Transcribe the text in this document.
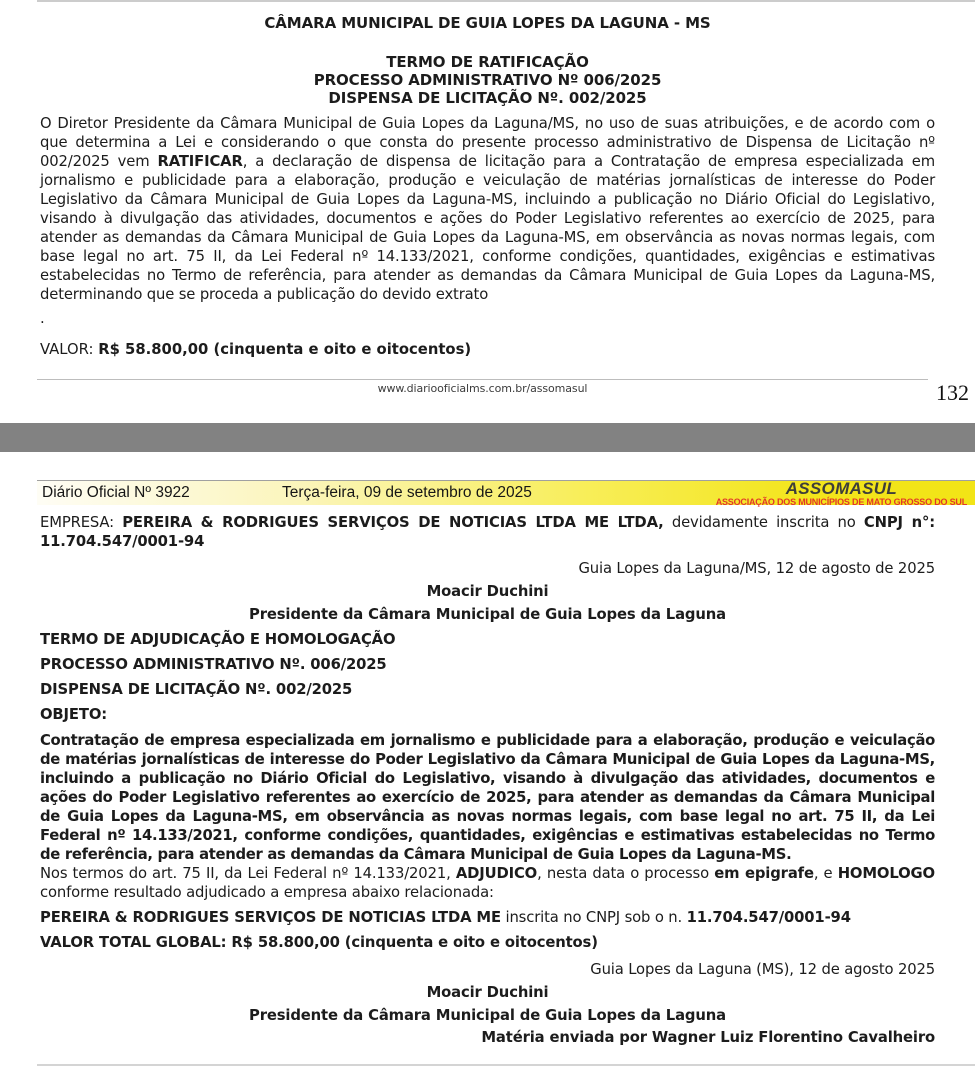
CÂMARA MUNICIPAL DE GUIA LOPES DA LAGUNA - MS
TERMO DE RATIFICAÇÃO
PROCESSO ADMINISTRATIVO Nº 006/2025
DISPENSA DE LICITAÇÃO Nº. 002/2025

O Diretor Presidente da Câmara Municipal de Guia Lopes da Laguna/MS, no uso de suas atribuições, e de acordo com o que determina a Lei e considerando o que consta do presente processo administrativo de Dispensa de Licitação nº 002/2025 vem RATIFICAR, a declaração de dispensa de licitação para a Contratação de empresa especializada em jornalismo e publicidade para a elaboração, produção e veiculação de matérias jornalísticas de interesse do Poder Legislativo da Câmara Municipal de Guia Lopes da Laguna-MS, incluindo a publicação no Diário Oficial do Legislativo, visando à divulgação das atividades, documentos e ações do Poder Legislativo referentes ao exercício de 2025, para atender as demandas da Câmara Municipal de Guia Lopes da Laguna-MS, em observância as novas normas legais, com base legal no art. 75 II, da Lei Federal nº 14.133/2021, conforme condições, quantidades, exigências e estimativas estabelecidas no Termo de referência, para atender as demandas da Câmara Municipal de Guia Lopes da Laguna-MS, determinando que se proceda a publicação do devido extrato

.

VALOR: R$ 58.800,00 (cinquenta e oito e oitocentos)

www.diariooficialms.com.br/assomasul	132
Diário Oficial Nº 3922	Terça-feira, 09 de setembro de 2025	ASSOMASUL
ASSOCIAÇÃO DOS MUNICÍPIOS DE MATO GROSSO DO SUL

EMPRESA: PEREIRA & RODRIGUES SERVIÇOS DE NOTICIAS LTDA ME LTDA, devidamente inscrita no CNPJ n°: 11.704.547/0001-94

Guia Lopes da Laguna/MS, 12 de agosto de 2025

Moacir Duchini

Presidente da Câmara Municipal de Guia Lopes da Laguna

TERMO DE ADJUDICAÇÃO E HOMOLOGAÇÃO

PROCESSO ADMINISTRATIVO Nº. 006/2025

DISPENSA DE LICITAÇÃO Nº. 002/2025

OBJETO:

Contratação de empresa especializada em jornalismo e publicidade para a elaboração, produção e veiculação de matérias jornalísticas de interesse do Poder Legislativo da Câmara Municipal de Guia Lopes da Laguna-MS, incluindo a publicação no Diário Oficial do Legislativo, visando à divulgação das atividades, documentos e ações do Poder Legislativo referentes ao exercício de 2025, para atender as demandas da Câmara Municipal de Guia Lopes da Laguna-MS, em observância as novas normas legais, com base legal no art. 75 II, da Lei Federal nº 14.133/2021, conforme condições, quantidades, exigências e estimativas estabelecidas no Termo de referência, para atender as demandas da Câmara Municipal de Guia Lopes da Laguna-MS.

Nos termos do art. 75 II, da Lei Federal nº 14.133/2021, ADJUDICO, nesta data o processo em epigrafe, e HOMOLOGO conforme resultado adjudicado a empresa abaixo relacionada:

PEREIRA & RODRIGUES SERVIÇOS DE NOTICIAS LTDA ME inscrita no CNPJ sob o n. 11.704.547/0001-94

VALOR TOTAL GLOBAL: R$ 58.800,00 (cinquenta e oito e oitocentos)

Guia Lopes da Laguna (MS), 12 de agosto 2025

Moacir Duchini

Presidente da Câmara Municipal de Guia Lopes da Laguna

Matéria enviada por Wagner Luiz Florentino Cavalheiro
